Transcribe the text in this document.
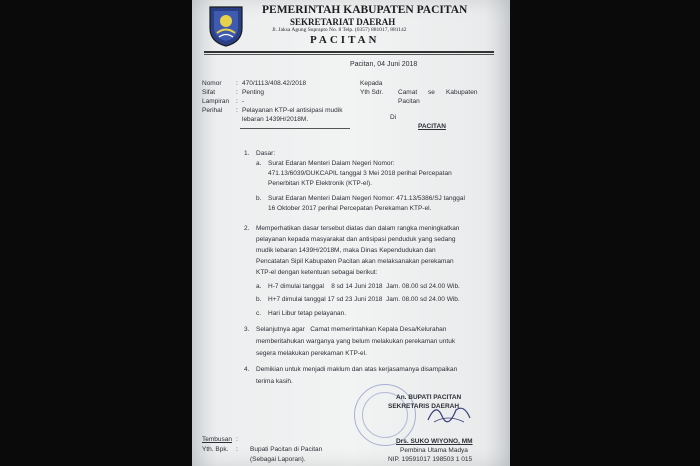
PEMERINTAH KABUPATEN PACITAN
SEKRETARIAT DAERAH
Jl. Jaksa Agung Suprapto No. 8 Telp. (0357) 881017, 881142
PACITAN
Pacitan, 04 Juni 2018
Nomor : 470/1113/408.42/2018
Sifat	: Penting
Lampiran : -
Perihal : Pelayanan KTP-el antisipasi mudik
lebaran 1439H/2018M.
Kepada
Yth Sdr. Camat se Kabupaten
Pacitan
Di
PACITAN
1. Dasar:
a. Surat Edaran Menteri Dalam Negeri Nomor:
471.13/6039/DUKCAPIL tanggal 3 Mei 2018 perihal Percepatan
Penerbitan KTP Elektronik (KTP-el).
b. Surat Edaran Menteri Dalam Negeri Nomor: 471.13/5386/SJ tanggal
16 Oktober 2017 perihal Percepatan Perekaman KTP-el.
2. Memperhatikan dasar tersebut diatas dan dalam rangka meningkatkan
pelayanan kepada masyarakat dan antisipasi penduduk yang sedang
mudik lebaran 1439H/2018M, maka Dinas Kependudukan dan
Pencatatan Sipil Kabupaten Pacitan akan melaksanakan perekaman
KTP-el dengan ketentuan sebagai berikut:
a. H-7 dimulai tanggal    8 sd 14 Juni 2018  Jam. 08.00 sd 24.00 Wib.
b. H+7 dimulai tanggal 17 sd 23 Juni 2018  Jam. 08.00 sd 24.00 Wib.
c. Hari Libur tetap pelayanan.
3. Selanjutnya agar   Camat memerintahkan Kepala Desa/Kelurahan
memberitahukan warganya yang belum melakukan perekaman untuk
segera melakukan perekaman KTP-el.
4. Demikian untuk menjadi maklum dan atas kerjasamanya disampaikan
terima kasih.
An. BUPATI PACITAN
SEKRETARIS DAERAH
Drs. SUKO WIYONO, MM
Pembina Utama Madya
NIP. 19591017 198503 1 015
Tembusan :
Yth. Bpk. : Bupati Pacitan di Pacitan
(Sebagai Laporan).
